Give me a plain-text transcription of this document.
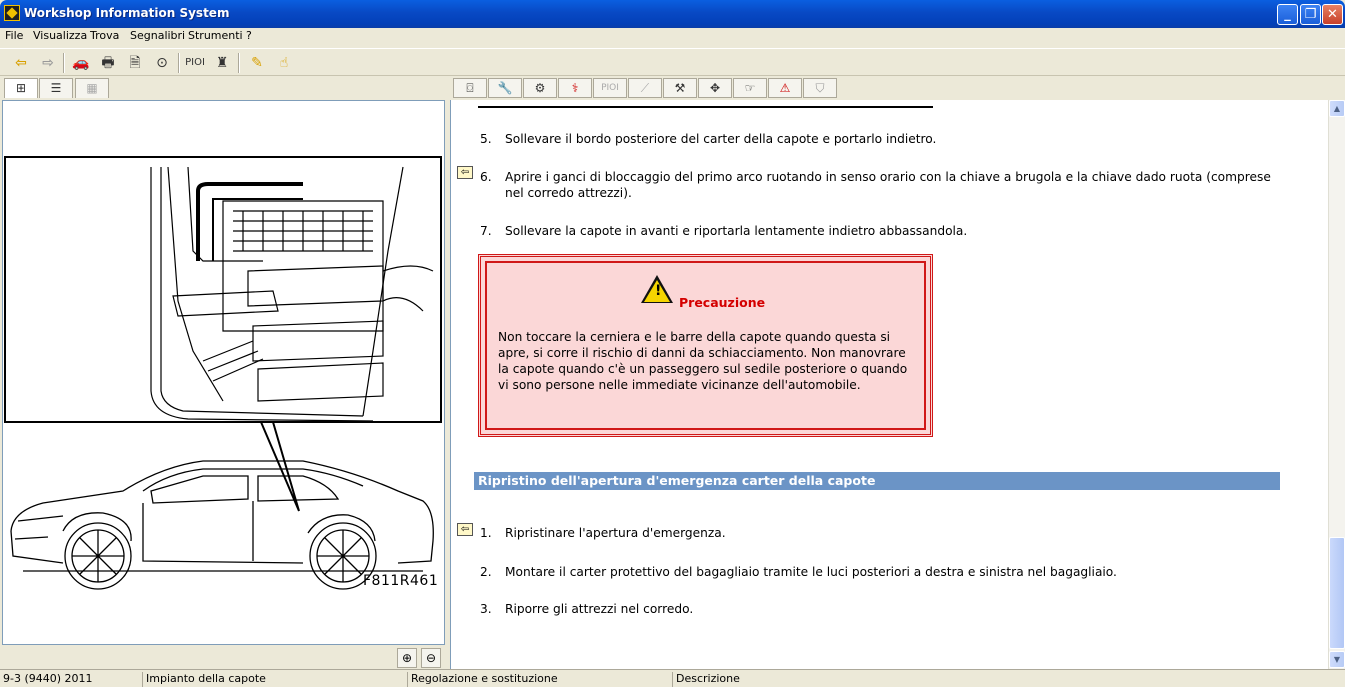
Workshop Information System	_	❐ ✕
File Visualizza Trova Segnalibri Strumenti ?
⇦	⇨	🚗 🖶	🗎	⊙	PIOI ♜	✎	☝
⊞	☰	▦	⌼	🔧	⚙	⚕	PIOI	⟋	⚒	✥	☞	⚠	⛉
F811R461
⊕	⊖
5. Sollevare il bordo posteriore del carter della capote e portarlo indietro.
⇦ 6. Aprire i ganci di bloccaggio del primo arco ruotando in senso orario con la chiave a brugola e la chiave dado ruota (comprese nel corredo attrezzi).
7. Sollevare la capote in avanti e riportarla lentamente indietro abbassandola.
!
Precauzione
Non toccare la cerniera e le barre della capote quando questa si apre, si corre il rischio di danni da schiacciamento. Non manovrare la capote quando c'è un passeggero sul sedile posteriore o quando vi sono persone nelle immediate vicinanze dell'automobile.
Ripristino dell'apertura d'emergenza carter della capote
⇦ 1. Ripristinare l'apertura d'emergenza.
2. Montare il carter protettivo del bagagliaio tramite le luci posteriori a destra e sinistra nel bagagliaio.
3. Riporre gli attrezzi nel corredo.
▲
▼
9-3 (9440) 2011	Impianto della capote	Regolazione e sostituzione	Descrizione
